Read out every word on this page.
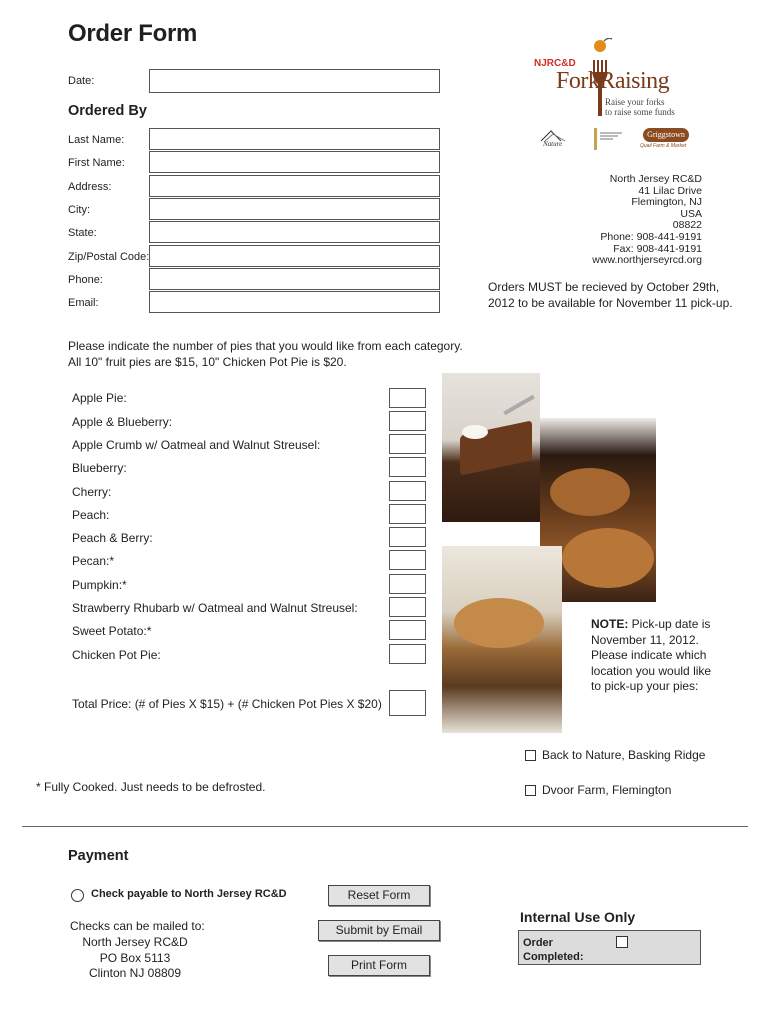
Order Form
Date:
Ordered By
Last Name:
First Name:
Address:
City:
State:
Zip/Postal Code:
Phone:
Email:
NJRC&D
ForkRaising
Raise your forks
to raise some funds
Nature
Griggstown
Quail Farm & Market
North Jersey RC&D
41 Lilac Drive
Flemington, NJ
USA
08822
Phone: 908-441-9191
Fax: 908-441-9191
www.northjerseyrcd.org
Orders MUST be recieved by October 29th,
2012 to be available for November 11 pick-up.
Please indicate the number of pies that you would like from each category.
All 10" fruit pies are $15, 10" Chicken Pot Pie is $20.
Apple Pie:
Apple & Blueberry:
Apple Crumb w/ Oatmeal and Walnut Streusel:
Blueberry:
Cherry:
Peach:
Peach & Berry:
Pecan:*
Pumpkin:*
Strawberry Rhubarb w/ Oatmeal and Walnut Streusel:
Sweet Potato:*
Chicken Pot Pie:
Total Price: (# of Pies X $15) + (# Chicken Pot Pies X $20)
NOTE: Pick-up date is
November 11, 2012.
Please indicate which
location you would like
to pick-up your pies:
Back to Nature, Basking Ridge
Dvoor Farm, Flemington
* Fully Cooked. Just needs to be defrosted.
Payment
Check payable to North Jersey RC&D
Checks can be mailed to:
North Jersey RC&D
PO Box 5113
Clinton NJ 08809
Reset Form
Submit by Email
Print Form
Internal Use Only
Order
Completed:
